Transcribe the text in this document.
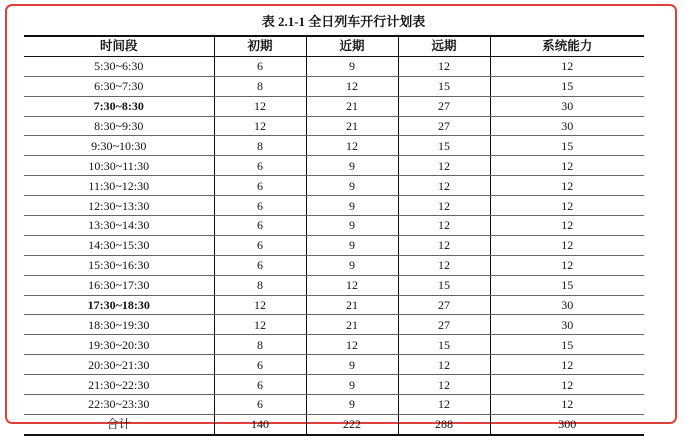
表 2.1-1 全日列车开行计划表
时间段	初期	近期	远期	系统能力
5:30~6:30	6	9	12	12
6:30~7:30	8	12	15	15
7:30~8:30	12	21	27	30
8:30~9:30	12	21	27	30
9:30~10:30	8	12	15	15
10:30~11:30	6	9	12	12
11:30~12:30	6	9	12	12
12:30~13:30	6	9	12	12
13:30~14:30	6	9	12	12
14:30~15:30	6	9	12	12
15:30~16:30	6	9	12	12
16:30~17:30	8	12	15	15
17:30~18:30	12	21	27	30
18:30~19:30	12	21	27	30
19:30~20:30	8	12	15	15
20:30~21:30	6	9	12	12
21:30~22:30	6	9	12	12
22:30~23:30	6	9	12	12
合计	140	222	288	300
